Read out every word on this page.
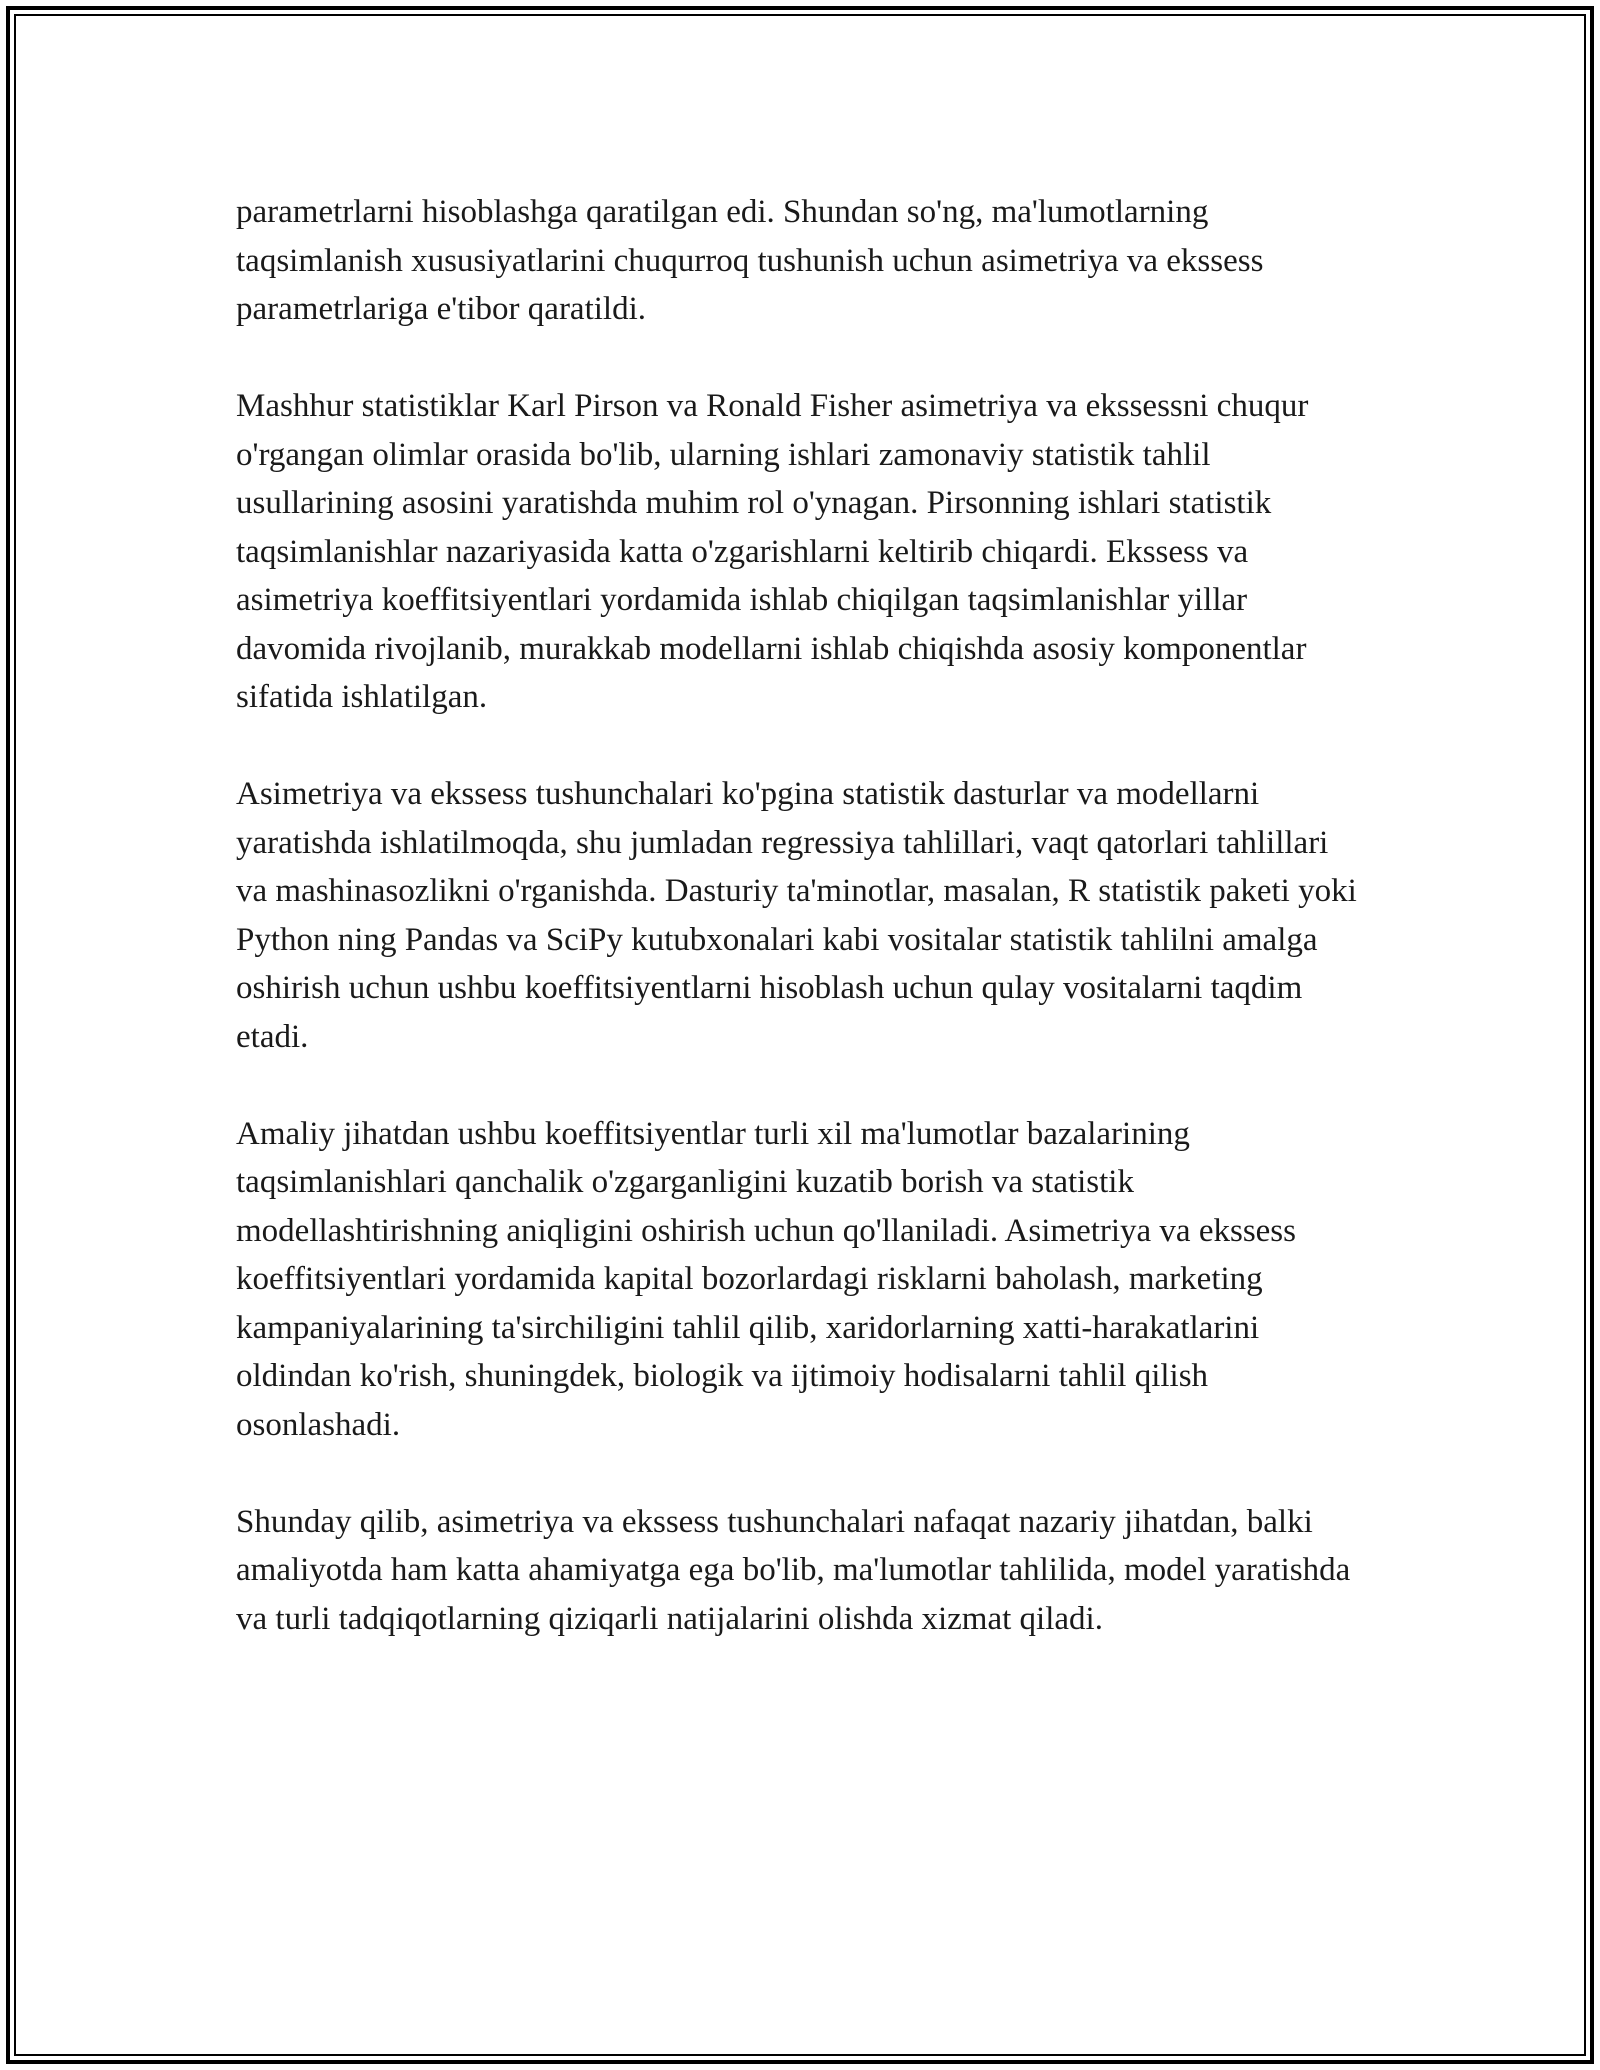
parametrlarni hisoblashga qaratilgan edi. Shundan so'ng, ma'lumotlarning taqsimlanish xususiyatlarini chuqurroq tushunish uchun asimetriya va ekssess parametrlariga e'tibor qaratildi.

Mashhur statistiklar Karl Pirson va Ronald Fisher asimetriya va ekssessni chuqur o'rgangan olimlar orasida bo'lib, ularning ishlari zamonaviy statistik tahlil usullarining asosini yaratishda muhim rol o'ynagan. Pirsonning ishlari statistik taqsimlanishlar nazariyasida katta o'zgarishlarni keltirib chiqardi. Ekssess va asimetriya koeffitsiyentlari yordamida ishlab chiqilgan taqsimlanishlar yillar davomida rivojlanib, murakkab modellarni ishlab chiqishda asosiy komponentlar sifatida ishlatilgan.

Asimetriya va ekssess tushunchalari ko'pgina statistik dasturlar va modellarni yaratishda ishlatilmoqda, shu jumladan regressiya tahlillari, vaqt qatorlari tahlillari va mashinasozlikni o'rganishda. Dasturiy ta'minotlar, masalan, R statistik paketi yoki Python ning Pandas va SciPy kutubxonalari kabi vositalar statistik tahlilni amalga oshirish uchun ushbu koeffitsiyentlarni hisoblash uchun qulay vositalarni taqdim etadi.

Amaliy jihatdan ushbu koeffitsiyentlar turli xil ma'lumotlar bazalarining taqsimlanishlari qanchalik o'zgarganligini kuzatib borish va statistik modellashtirishning aniqligini oshirish uchun qo'llaniladi. Asimetriya va ekssess koeffitsiyentlari yordamida kapital bozorlardagi risklarni baholash, marketing kampaniyalarining ta'sirchiligini tahlil qilib, xaridorlarning xatti-harakatlarini oldindan ko'rish, shuningdek, biologik va ijtimoiy hodisalarni tahlil qilish osonlashadi.

Shunday qilib, asimetriya va ekssess tushunchalari nafaqat nazariy jihatdan, balki amaliyotda ham katta ahamiyatga ega bo'lib, ma'lumotlar tahlilida, model yaratishda va turli tadqiqotlarning qiziqarli natijalarini olishda xizmat qiladi.
